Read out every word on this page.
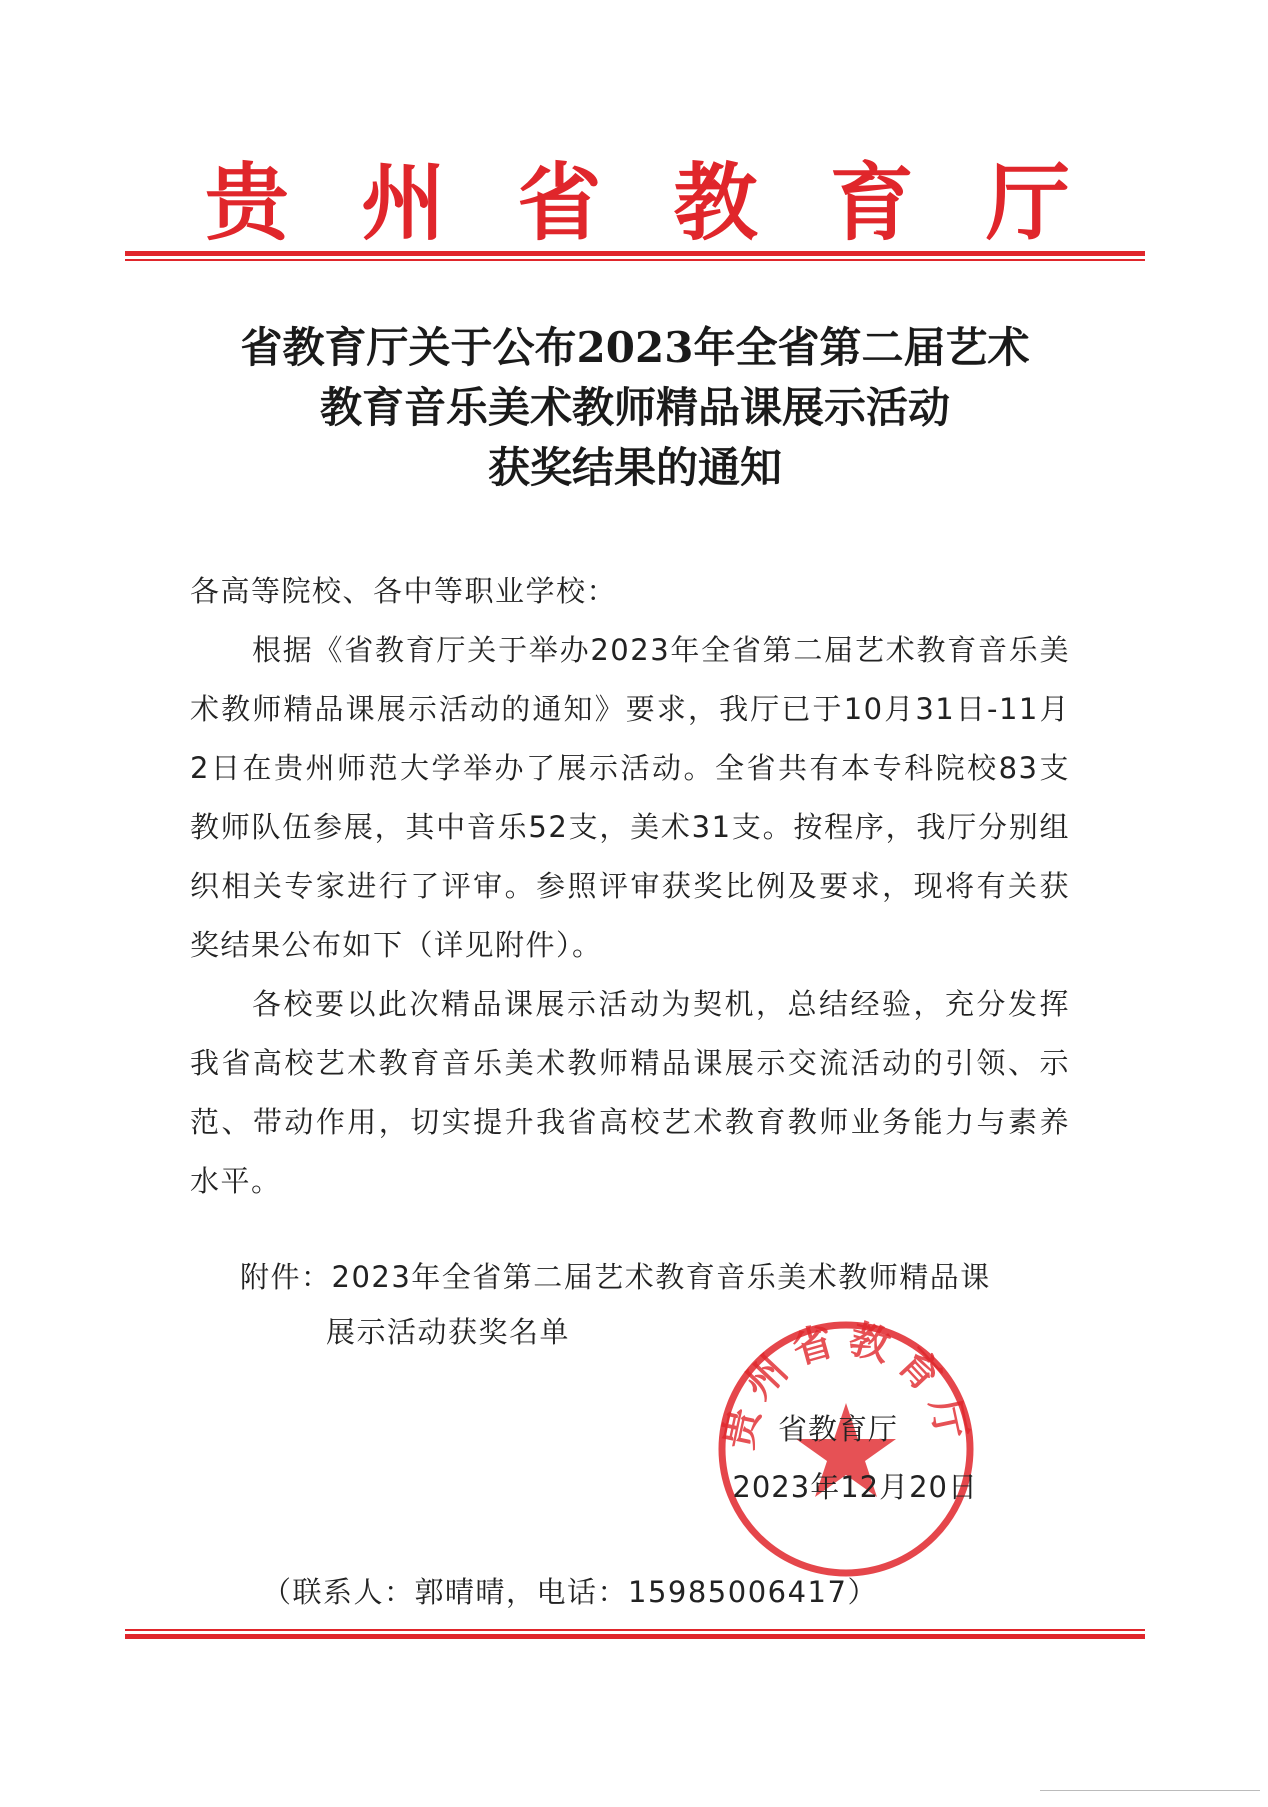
贵 州 省 教 育 厅
省教育厅关于公布2023年全省第二届艺术
教育音乐美术教师精品课展示活动
获奖结果的通知

各高等院校、各中等职业学校：

根据《省教育厅关于举办2023年全省第二届艺术教育音乐美术教师精品课展示活动的通知》要求，我厅已于10月31日-11月2日在贵州师范大学举办了展示活动。全省共有本专科院校83支教师队伍参展，其中音乐52支，美术31支。按程序，我厅分别组织相关专家进行了评审。参照评审获奖比例及要求，现将有关获奖结果公布如下（详见附件）。

各校要以此次精品课展示活动为契机，总结经验，充分发挥我省高校艺术教育音乐美术教师精品课展示交流活动的引领、示范、带动作用，切实提升我省高校艺术教育教师业务能力与素养水平。

附件：2023年全省第二届艺术教育音乐美术教师精品课
展示活动获奖名单
贵州省教育厅
省教育厅
2023年12月20日
（联系人：郭晴晴，电话：15985006417）
